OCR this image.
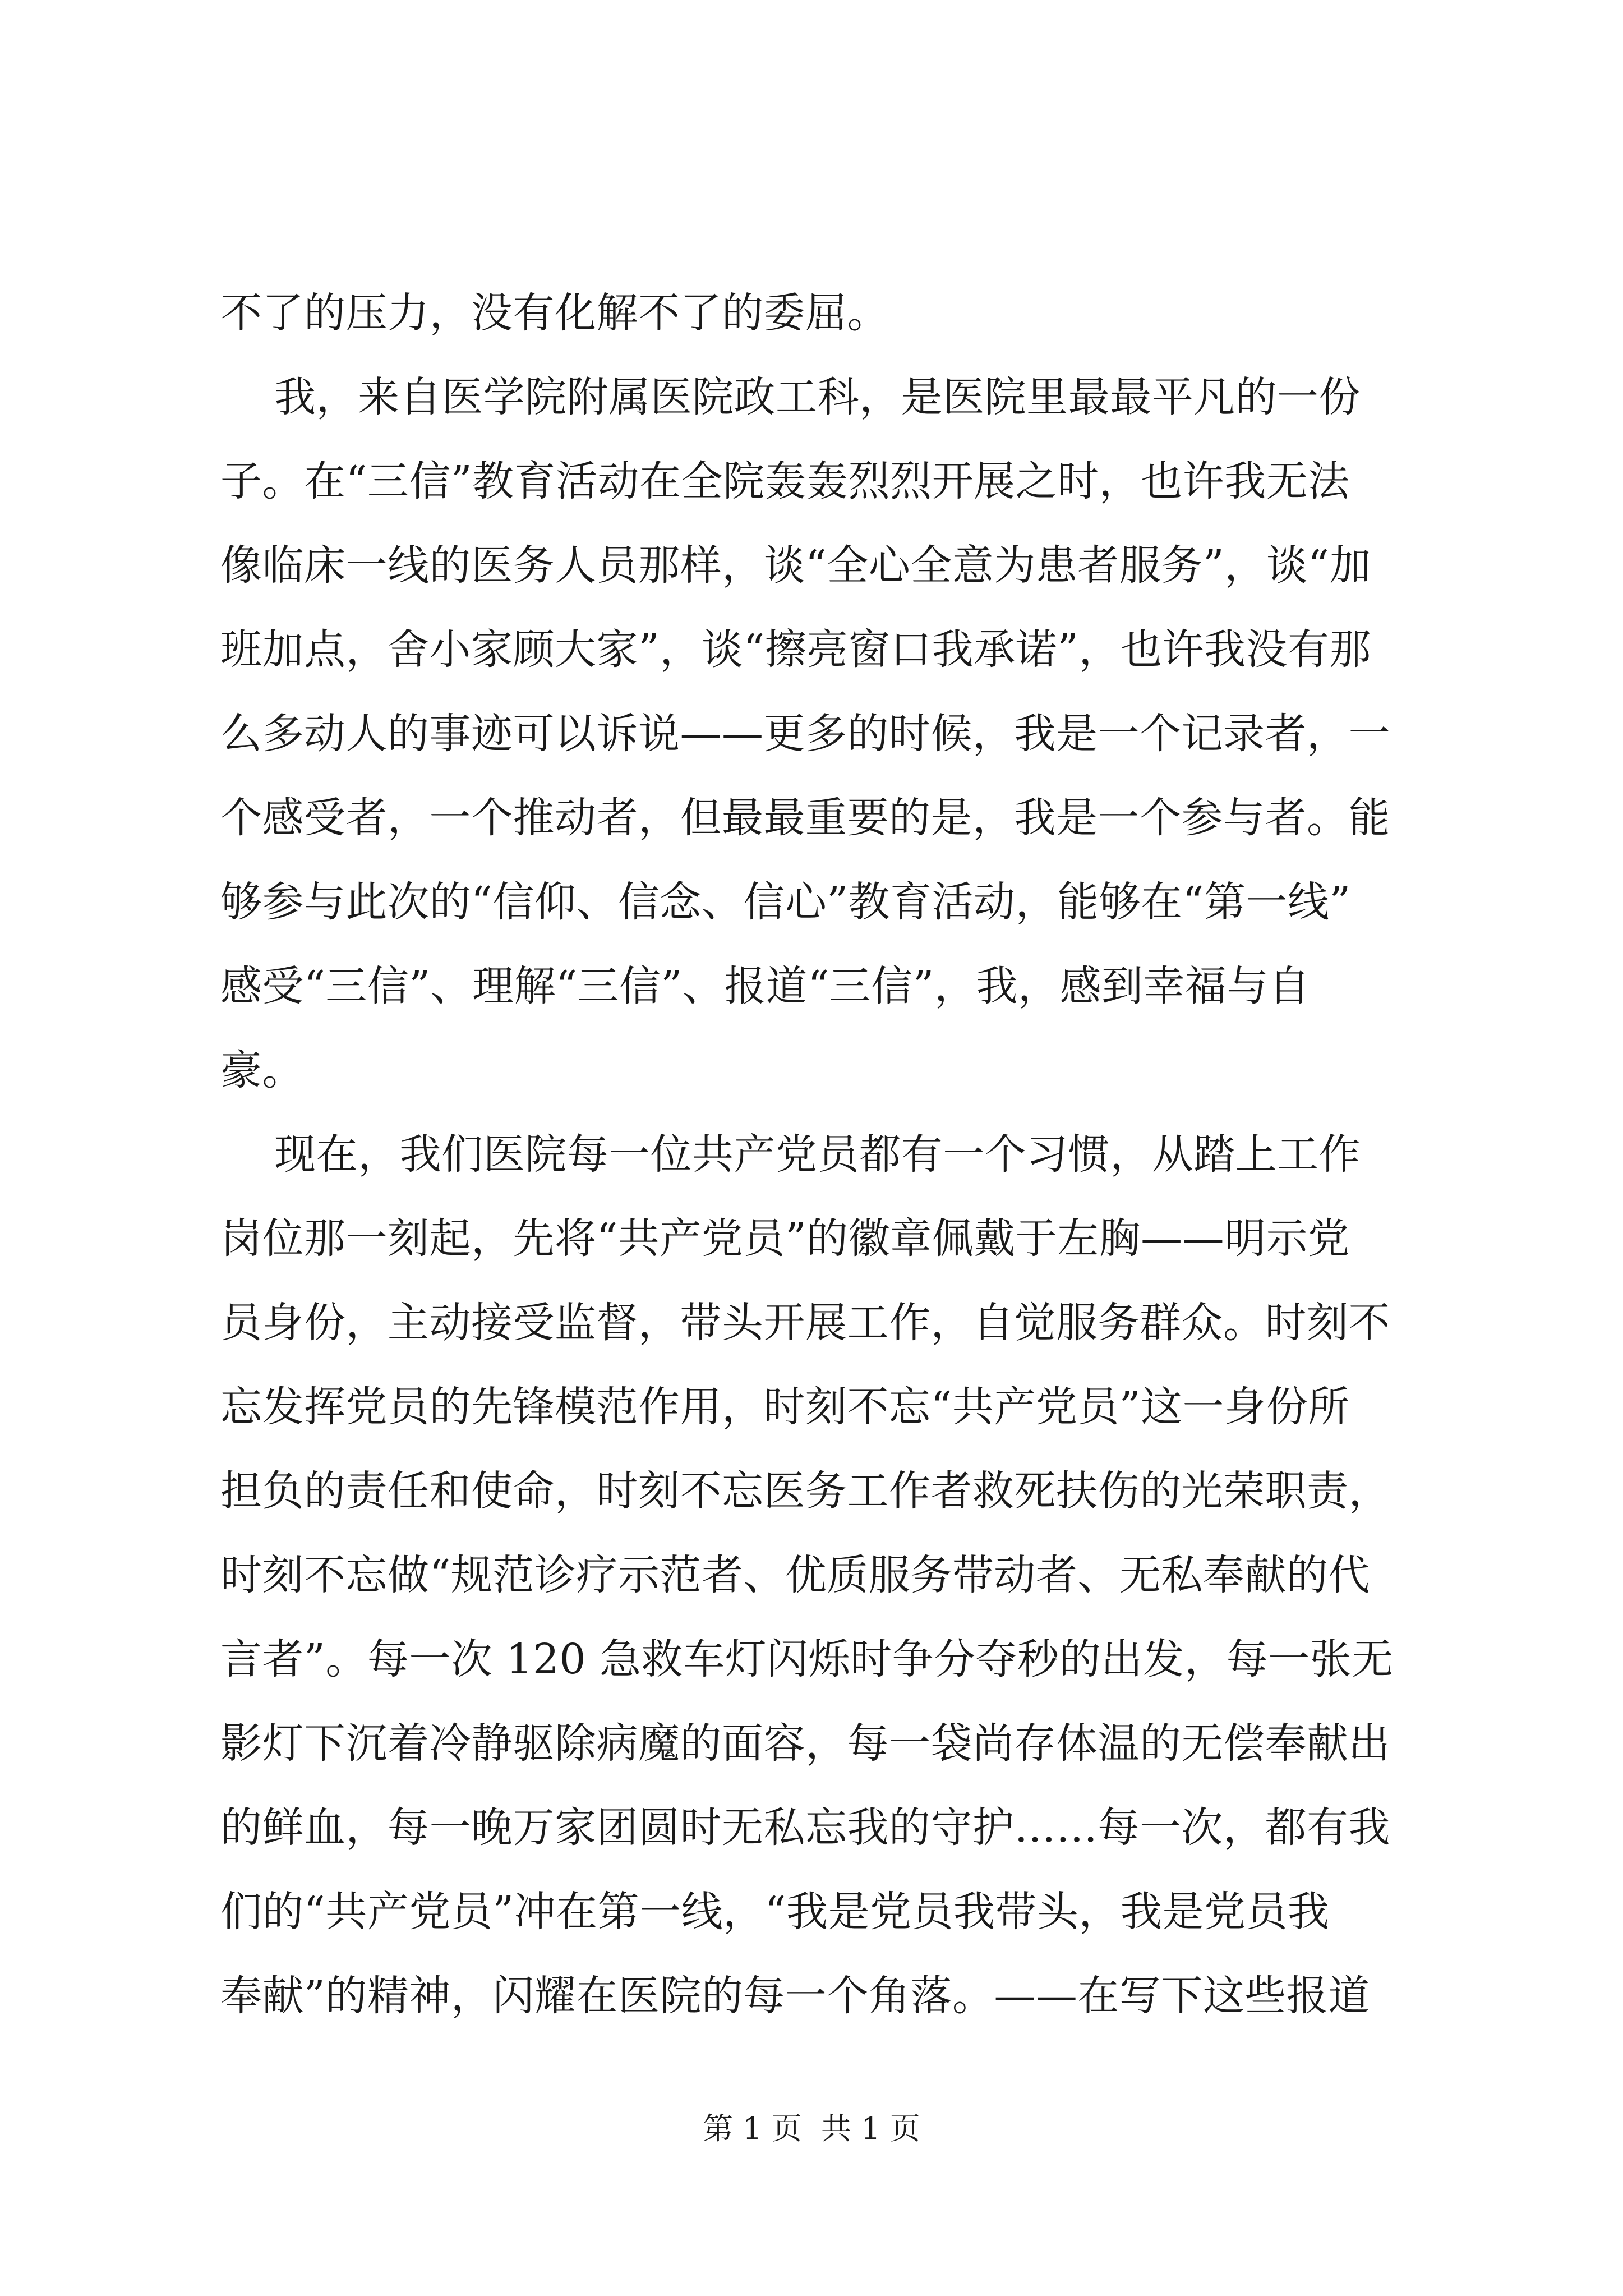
不了的压力，没有化解不了的委屈。
我，来自医学院附属医院政工科，是医院里最最平凡的一份
子。在“三信”教育活动在全院轰轰烈烈开展之时，也许我无法
像临床一线的医务人员那样，谈“全心全意为患者服务”，谈“加
班加点，舍小家顾大家”，谈“擦亮窗口我承诺”，也许我没有那
么多动人的事迹可以诉说——更多的时候，我是一个记录者，一
个感受者，一个推动者，但最最重要的是，我是一个参与者。能
够参与此次的“信仰、信念、信心”教育活动，能够在“第一线”
感受“三信”、理解“三信”、报道“三信”，我，感到幸福与自
豪。
现在，我们医院每一位共产党员都有一个习惯，从踏上工作
岗位那一刻起，先将“共产党员”的徽章佩戴于左胸——明示党
员身份，主动接受监督，带头开展工作，自觉服务群众。时刻不
忘发挥党员的先锋模范作用，时刻不忘“共产党员”这一身份所
担负的责任和使命，时刻不忘医务工作者救死扶伤的光荣职责，
时刻不忘做“规范诊疗示范者、优质服务带动者、无私奉献的代
言者”。每一次 120 急救车灯闪烁时争分夺秒的出发，每一张无
影灯下沉着冷静驱除病魔的面容，每一袋尚存体温的无偿奉献出
的鲜血，每一晚万家团圆时无私忘我的守护……每一次，都有我
们的“共产党员”冲在第一线，“我是党员我带头，我是党员我
奉献”的精神，闪耀在医院的每一个角落。——在写下这些报道
第 1 页  共 1 页
